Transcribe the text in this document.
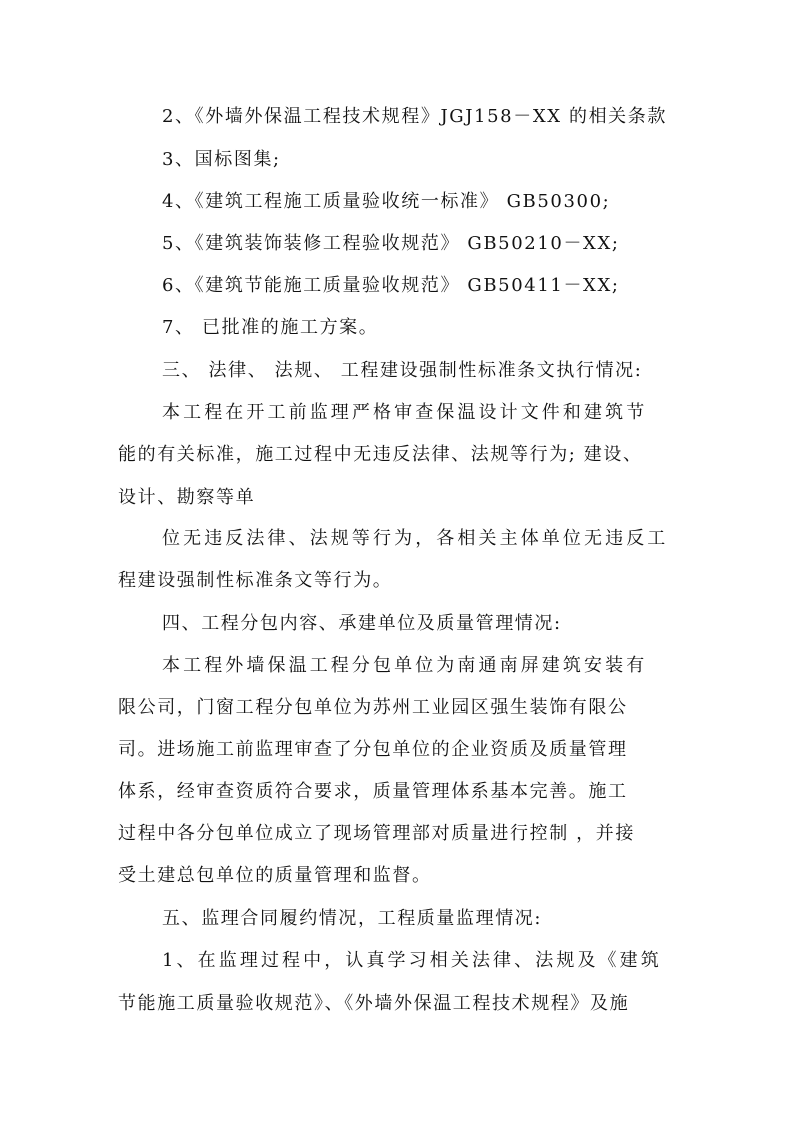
2、《外墙外保温工程技术规程》JGJ158－XX 的相关条款
3、国标图集;
4、《建筑工程施工质量验收统一标准》 GB50300;
5、《建筑装饰装修工程验收规范》 GB50210－XX;
6、《建筑节能施工质量验收规范》 GB50411－XX;
7、 已批准的施工方案。
三、 法律、 法规、 工程建设强制性标准条文执行情况:
本工程在开工前监理严格审查保温设计文件和建筑节
能的有关标准，施工过程中无违反法律、法规等行为; 建设、
设计、勘察等单
位无违反法律、法规等行为，各相关主体单位无违反工
程建设强制性标准条文等行为。
四、工程分包内容、承建单位及质量管理情况:
本工程外墙保温工程分包单位为南通南屏建筑安装有
限公司，门窗工程分包单位为苏州工业园区强生装饰有限公
司。进场施工前监理审查了分包单位的企业资质及质量管理
体系，经审查资质符合要求，质量管理体系基本完善。施工
过程中各分包单位成立了现场管理部对质量进行控制 ，并接
受土建总包单位的质量管理和监督。
五、监理合同履约情况，工程质量监理情况:
1、在监理过程中，认真学习相关法律、法规及《建筑
节能施工质量验收规范》、《外墙外保温工程技术规程》及施
